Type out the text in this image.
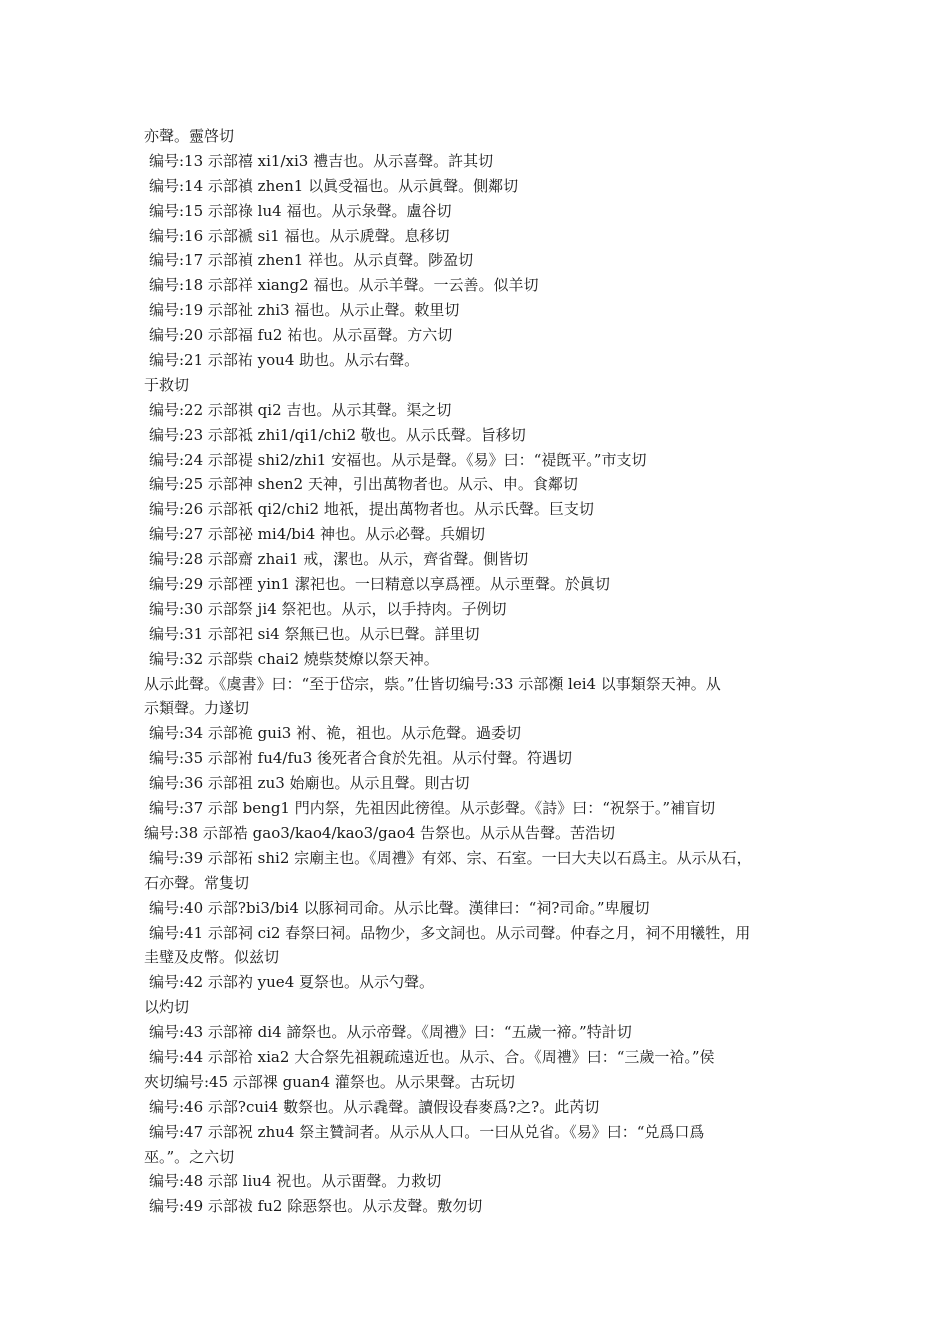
亦聲。靈啓切
编号:13 示部禧 xi1/xi3 禮吉也。从示喜聲。許其切
编号:14 示部禛 zhen1 以眞受福也。从示眞聲。側鄰切
编号:15 示部祿 lu4 福也。从示彔聲。盧谷切
编号:16 示部褫 si1 福也。从示虒聲。息移切
编号:17 示部禎 zhen1 祥也。从示貞聲。陟盈切
编号:18 示部祥 xiang2 福也。从示羊聲。一云善。似羊切
编号:19 示部祉 zhi3 福也。从示止聲。敕里切
编号:20 示部福 fu2 祐也。从示畐聲。方六切
编号:21 示部祐 you4 助也。从示右聲。
于救切
编号:22 示部祺 qi2 吉也。从示其聲。渠之切
编号:23 示部祗 zhi1/qi1/chi2 敬也。从示氐聲。旨移切
编号:24 示部禔 shi2/zhi1 安福也。从示是聲。《易》曰：“禔旣平。”市支切
编号:25 示部神 shen2 天神，引出萬物者也。从示、申。食鄰切
编号:26 示部祇 qi2/chi2 地祇，提出萬物者也。从示氏聲。巨支切
编号:27 示部祕 mi4/bi4 神也。从示必聲。兵媚切
编号:28 示部齋 zhai1 戒，潔也。从示，齊省聲。側皆切
编号:29 示部禋 yin1 潔祀也。一曰精意以享爲禋。从示垔聲。於眞切
编号:30 示部祭 ji4 祭祀也。从示，以手持肉。子例切
编号:31 示部祀 si4 祭無已也。从示巳聲。詳里切
编号:32 示部祡 chai2 燒祡焚燎以祭天神。
从示此聲。《虞書》曰：“至于岱宗，祡。”仕皆切编号:33 示部禷 lei4 以事類祭天神。从
示類聲。力遂切
编号:34 示部祪 gui3 袝、祪，祖也。从示危聲。過委切
编号:35 示部袝 fu4/fu3 後死者合食於先祖。从示付聲。符遇切
编号:36 示部祖 zu3 始廟也。从示且聲。則古切
编号:37 示部 beng1 門内祭，先祖因此徬徨。从示彭聲。《詩》曰：“祝祭于。”補盲切
编号:38 示部祰 gao3/kao4/kao3/gao4 告祭也。从示从告聲。苦浩切
编号:39 示部祏 shi2 宗廟主也。《周禮》有郊、宗、石室。一曰大夫以石爲主。从示从石，
石亦聲。常隻切
编号:40 示部?bi3/bi4 以豚祠司命。从示比聲。漢律曰：“祠?司命。”卑履切
编号:41 示部祠 ci2 春祭曰祠。品物少，多文詞也。从示司聲。仲春之月，祠不用犧牲，用
圭璧及皮幣。似兹切
编号:42 示部礿 yue4 夏祭也。从示勺聲。
以灼切
编号:43 示部禘 di4 諦祭也。从示帝聲。《周禮》曰：“五歲一禘。”特計切
编号:44 示部祫 xia2 大合祭先祖親疏遠近也。从示、合。《周禮》曰：“三歲一祫。”侯
夾切编号:45 示部祼 guan4 灌祭也。从示果聲。古玩切
编号:46 示部?cui4 數祭也。从示毳聲。讀假设春麥爲?之?。此芮切
编号:47 示部祝 zhu4 祭主贊詞者。从示从人口。一曰从兑省。《易》曰：“兑爲口爲
巫。”。之六切
编号:48 示部 liu4 祝也。从示畱聲。力救切
编号:49 示部祓 fu2 除惡祭也。从示犮聲。敷勿切
